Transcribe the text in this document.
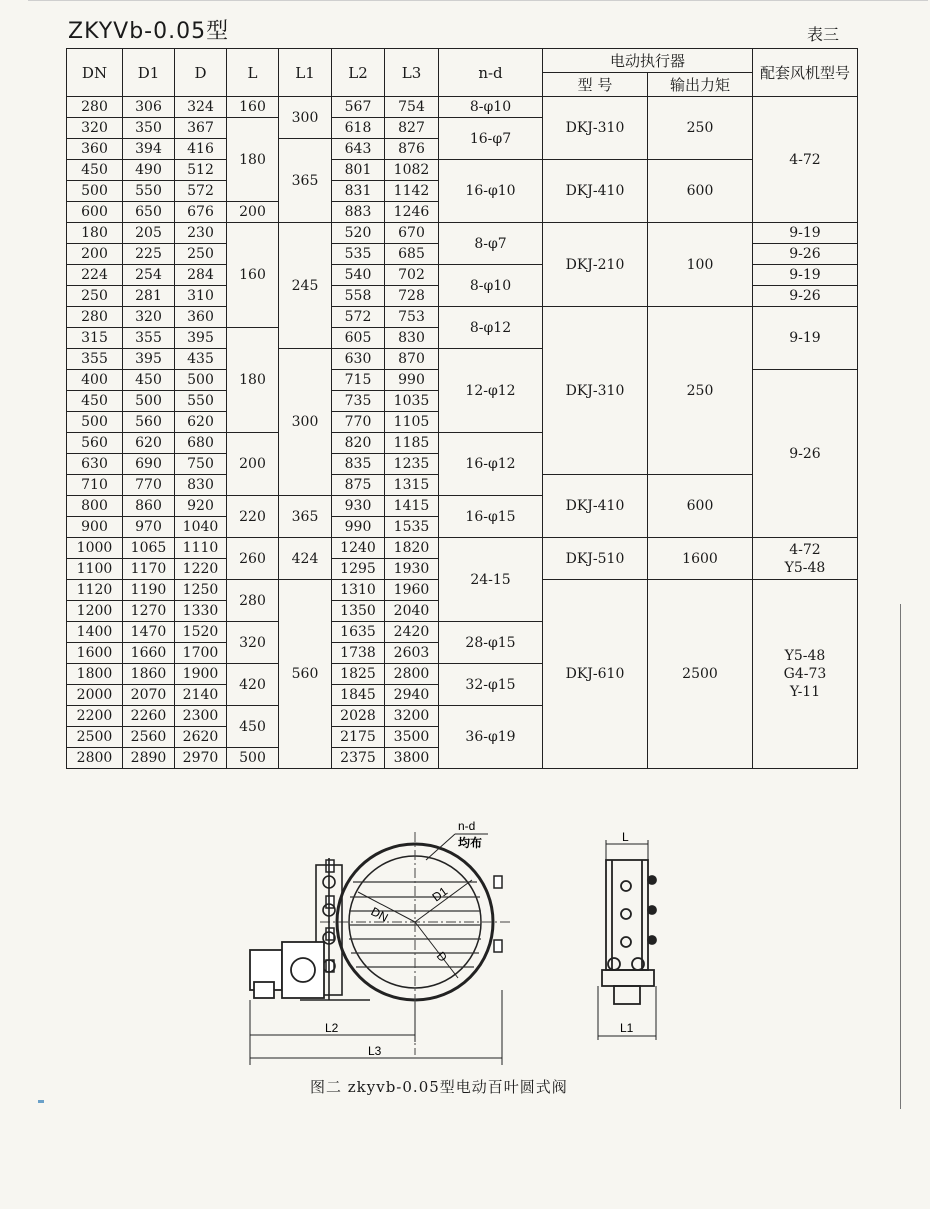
ZKYVb-0.05型	表三
DN	D1	D	L	L1	L2	L3	n-d	电动执行器		配套风机型号
								型 号	输出力矩	
280	306	324	160	300	567	754	8-φ10	DKJ-310	250	4-72
320	350	367	180		618	827	16-φ7			
360	394	416		365	643	876				
450	490	512			801	1082	16-φ10	DKJ-410	600	
500	550	572			831	1142				
600	650	676	200		883	1246				
180	205	230	160	245	520	670	8-φ7	DKJ-210	100	9-19
200	225	250			535	685				9-26
224	254	284			540	702	8-φ10			9-19
250	281	310			558	728				9-26
280	320	360			572	753	8-φ12	DKJ-310	250	9-19
315	355	395	180		605	830				
355	395	435		300	630	870	12-φ12			
400	450	500			715	990				9-26
450	500	550			735	1035				
500	560	620			770	1105				
560	620	680	200		820	1185	16-φ12			
630	690	750			835	1235				
710	770	830			875	1315		DKJ-410	600	
800	860	920	220	365	930	1415	16-φ15			
900	970	1040			990	1535				
1000	1065	1110	260	424	1240	1820	24-15	DKJ-510	1600	4-72
Y5-48
1100	1170	1220			1295	1930				
1120	1190	1250	280	560	1310	1960		DKJ-610	2500	Y5-48
G4-73
Y-11
1200	1270	1330			1350	2040				
1400	1470	1520	320		1635	2420	28-φ15			
1600	1660	1700			1738	2603				
1800	1860	1900	420		1825	2800	32-φ15			
2000	2070	2140			1845	2940				
2200	2260	2300	450		2028	3200	36-φ19			
2500	2560	2620			2175	3500				
2800	2890	2970	500		2375	3800				
DN
D1
D
n-d
均布
L2
L3
L
L1
图二 zkyvb-0.05型电动百叶圆式阀
